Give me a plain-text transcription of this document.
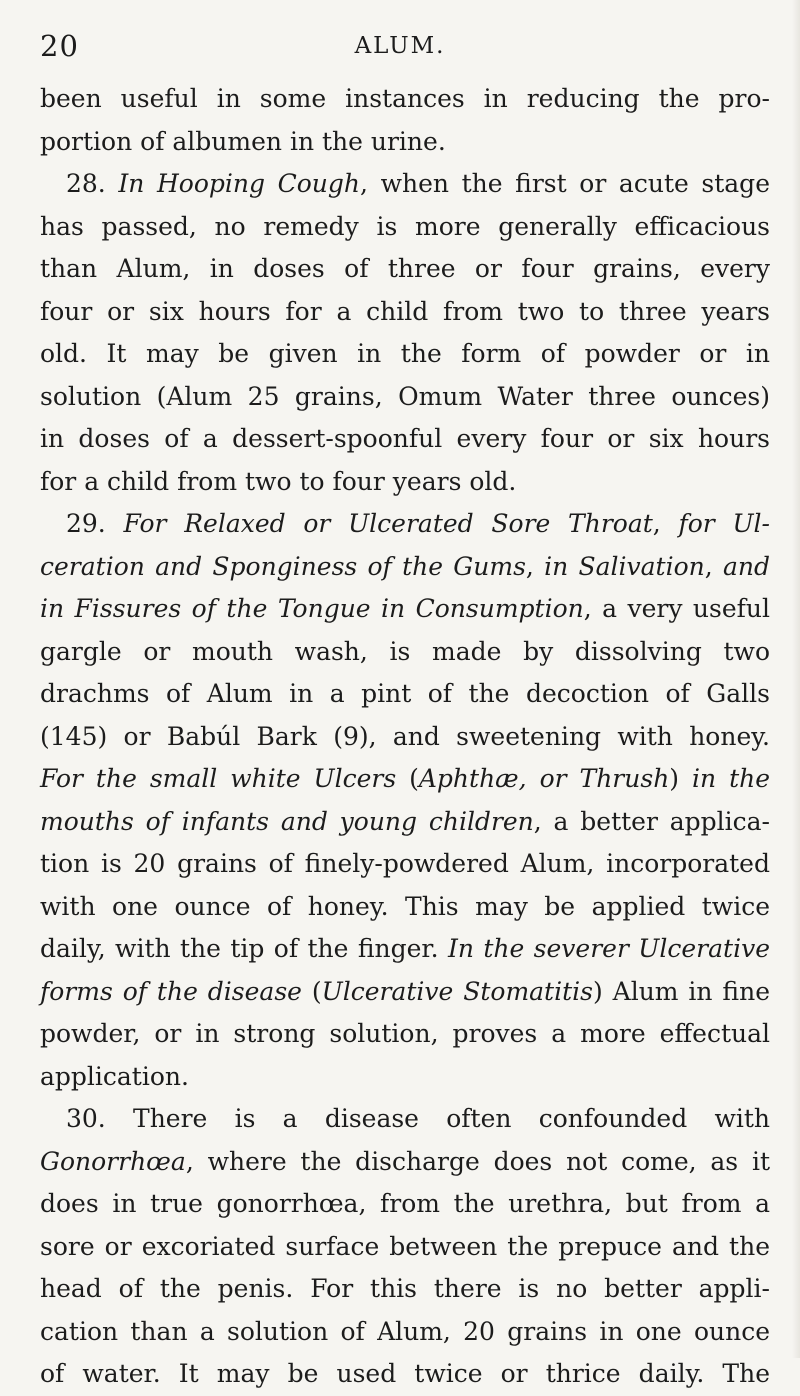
20	ALUM.
been useful in some instances in reducing the pro-
portion of albumen in the urine.
28. In Hooping Cough, when the first or acute stage
has passed, no remedy is more generally efficacious
than Alum, in doses of three or four grains, every
four or six hours for a child from two to three years
old. It may be given in the form of powder or in
solution (Alum 25 grains, Omum Water three ounces)
in doses of a dessert-spoonful every four or six hours
for a child from two to four years old.
29. For Relaxed or Ulcerated Sore Throat, for Ul-
ceration and Sponginess of the Gums, in Salivation, and
in Fissures of the Tongue in Consumption, a very useful
gargle or mouth wash, is made by dissolving two
drachms of Alum in a pint of the decoction of Galls
(145) or Babúl Bark (9), and sweetening with honey.
For the small white Ulcers (Aphthæ, or Thrush) in the
mouths of infants and young children, a better applica-
tion is 20 grains of finely-powdered Alum, incorporated
with one ounce of honey. This may be applied twice
daily, with the tip of the finger. In the severer Ulcerative
forms of the disease (Ulcerative Stomatitis) Alum in fine
powder, or in strong solution, proves a more effectual
application.
30. There is a disease often confounded with
Gonorrhœa, where the discharge does not come, as it
does in true gonorrhœa, from the urethra, but from a
sore or excoriated surface between the prepuce and the
head of the penis. For this there is no better appli-
cation than a solution of Alum, 20 grains in one ounce
of water. It may be used twice or thrice daily. The
